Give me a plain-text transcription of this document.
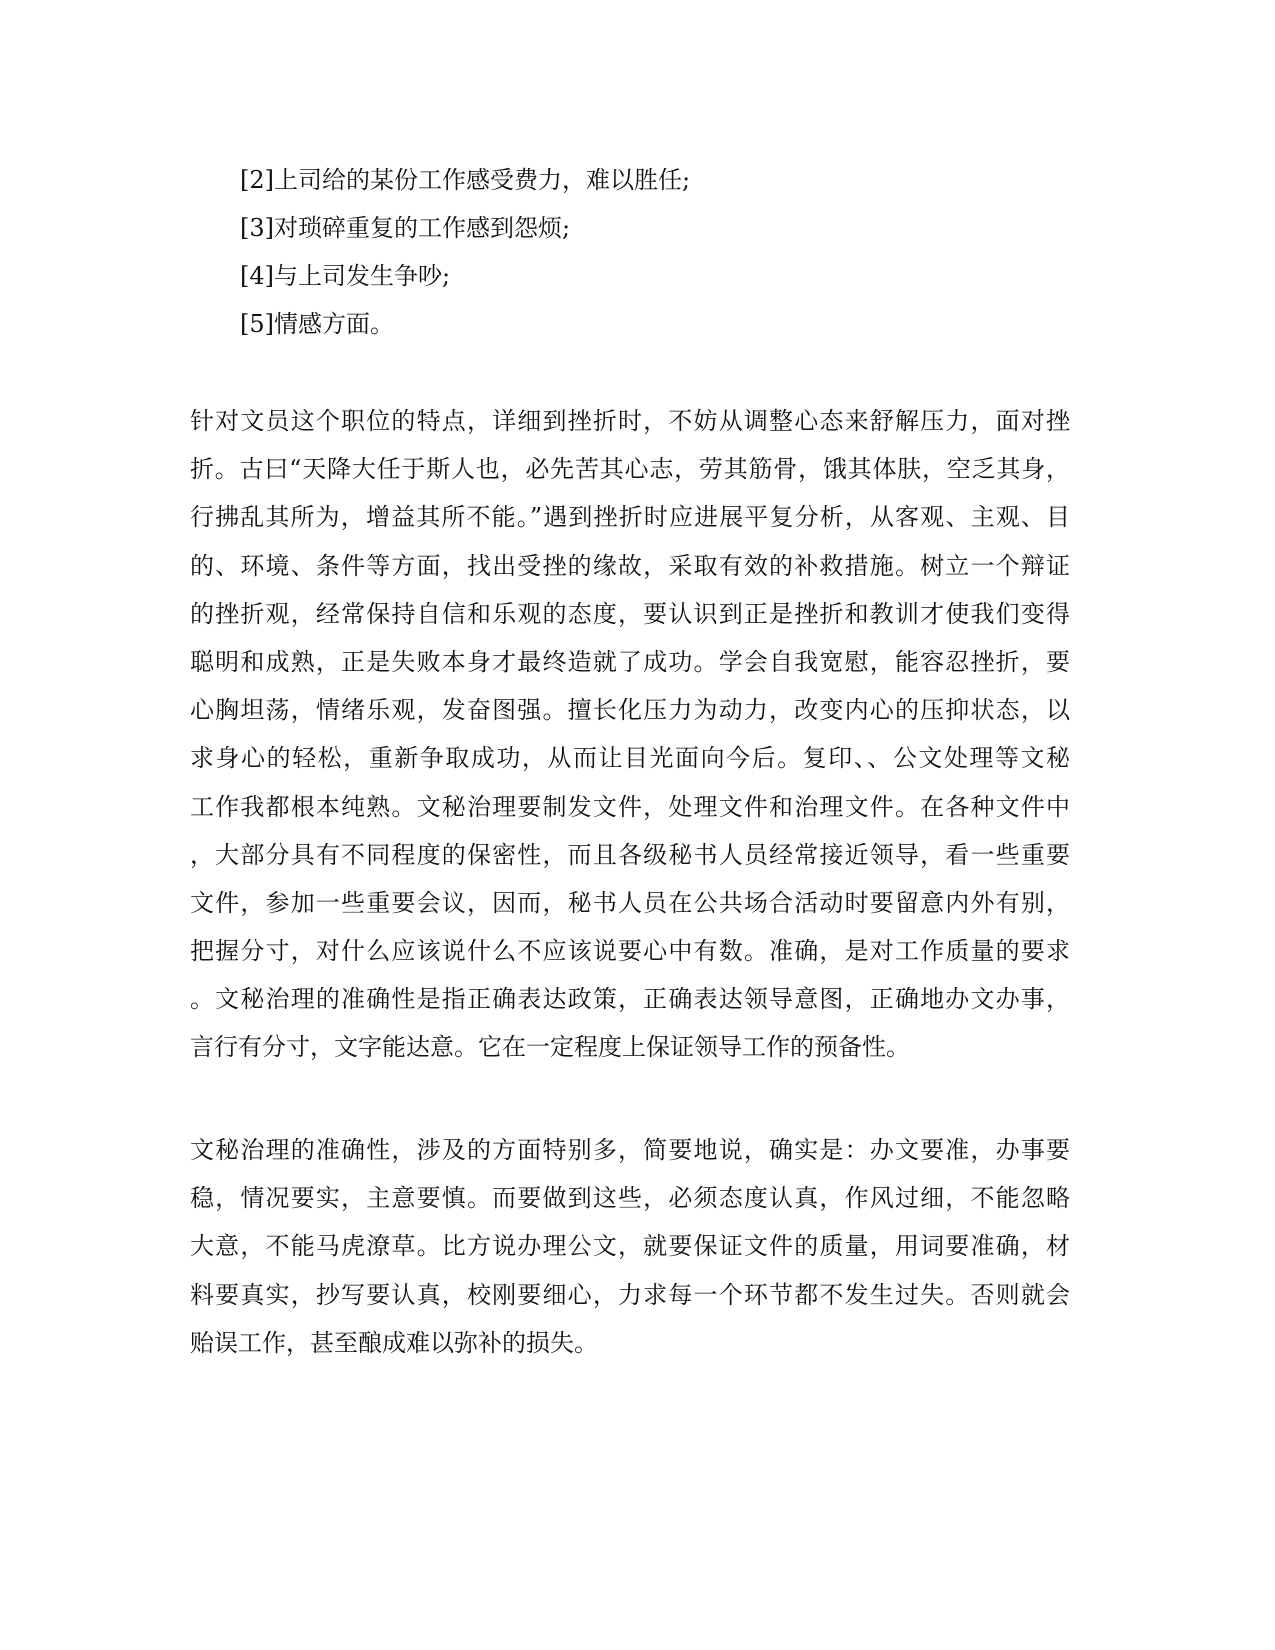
[2]上司给的某份工作感受费力，难以胜任;
[3]对琐碎重复的工作感到怨烦;
[4]与上司发生争吵;
[5]情感方面。
针对文员这个职位的特点，详细到挫折时，不妨从调整心态来舒解压力，面对挫
折。古曰“天降大任于斯人也，必先苦其心志，劳其筋骨，饿其体肤，空乏其身，
行拂乱其所为，增益其所不能。”遇到挫折时应进展平复分析，从客观、主观、目
的、环境、条件等方面，找出受挫的缘故，采取有效的补救措施。树立一个辩证
的挫折观，经常保持自信和乐观的态度，要认识到正是挫折和教训才使我们变得
聪明和成熟，正是失败本身才最终造就了成功。学会自我宽慰，能容忍挫折，要
心胸坦荡，情绪乐观，发奋图强。擅长化压力为动力，改变内心的压抑状态，以
求身心的轻松，重新争取成功，从而让目光面向今后。复印、、公文处理等文秘
工作我都根本纯熟。文秘治理要制发文件，处理文件和治理文件。在各种文件中
，大部分具有不同程度的保密性，而且各级秘书人员经常接近领导，看一些重要
文件，参加一些重要会议，因而，秘书人员在公共场合活动时要留意内外有别，
把握分寸，对什么应该说什么不应该说要心中有数。准确，是对工作质量的要求
。文秘治理的准确性是指正确表达政策，正确表达领导意图，正确地办文办事，
言行有分寸，文字能达意。它在一定程度上保证领导工作的预备性。
文秘治理的准确性，涉及的方面特别多，简要地说，确实是：办文要准，办事要
稳，情况要实，主意要慎。而要做到这些，必须态度认真，作风过细，不能忽略
大意，不能马虎潦草。比方说办理公文，就要保证文件的质量，用词要准确，材
料要真实，抄写要认真，校刚要细心，力求每一个环节都不发生过失。否则就会
贻误工作，甚至酿成难以弥补的损失。
